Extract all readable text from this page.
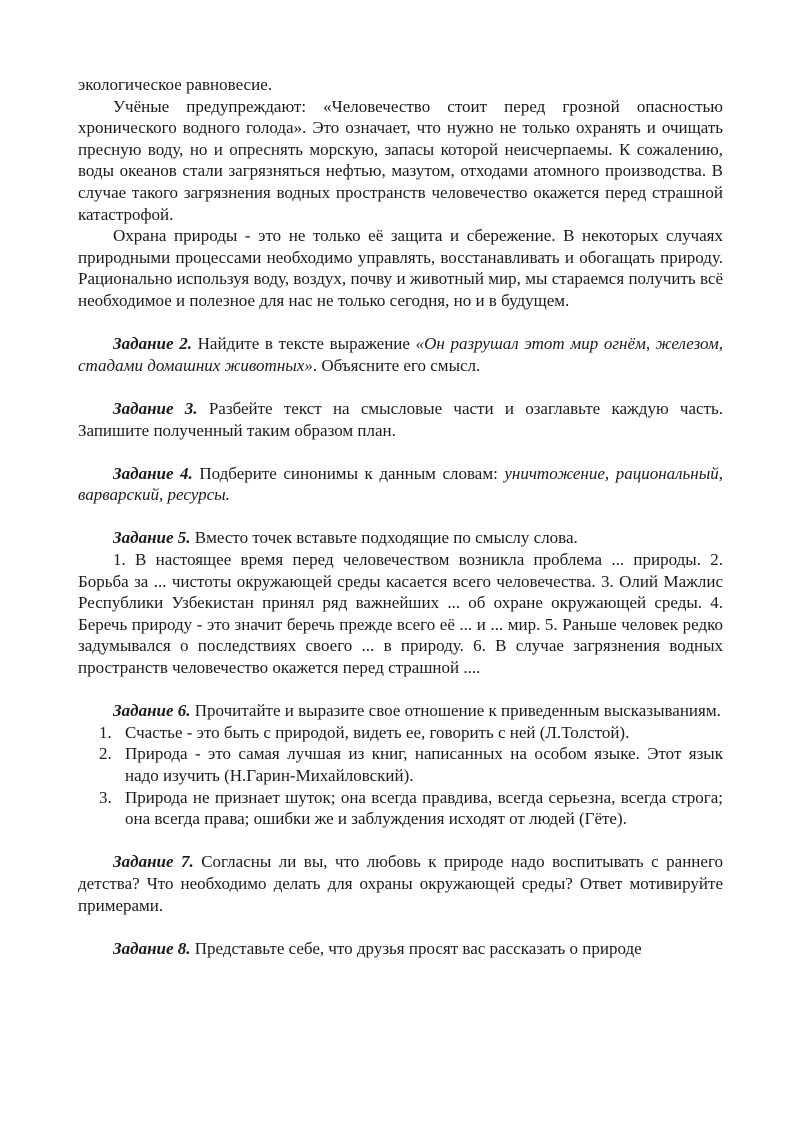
экологическое равновесие.

Учёные предупреждают: «Человечество стоит перед грозной опасностью хронического водного голода». Это означает, что нужно не только охранять и очищать пресную воду, но и опреснять морскую, запасы которой неисчерпаемы. К сожалению, воды океанов стали загрязняться нефтью, мазутом, отходами атомного производства. В случае такого загрязнения водных пространств человечество окажется перед страшной катастрофой.

Охрана природы - это не только её защита и сбережение. В некоторых случаях природными процессами необходимо управлять, восстанавливать и обогащать природу. Рационально используя воду, воздух, почву и животный мир, мы стараемся получить всё необходимое и полезное для нас не только сегодня, но и в будущем.

Задание 2. Найдите в тексте выражение «Он разрушал этот мир огнём, железом, стадами домашних животных». Объясните его смысл.

Задание 3. Разбейте текст на смысловые части и озаглавьте каждую часть. Запишите полученный таким образом план.

Задание 4. Подберите синонимы к данным словам: уничтожение, рациональный, варварский, ресурсы.

Задание 5. Вместо точек вставьте подходящие по смыслу слова.

1. В настоящее время перед человечеством возникла проблема ... природы. 2. Борьба за ... чистоты окружающей среды касается всего человечества. 3. Олий Мажлис Республики Узбекистан принял ряд важнейших ... об охране окружающей среды. 4. Беречь природу - это значит беречь прежде всего её ... и ... мир. 5. Раньше человек редко задумывался о последствиях своего ... в природу. 6. В случае загрязнения водных пространств человечество окажется перед страшной ....

Задание 6. Прочитайте и выразите свое отношение к приведенным высказываниям.

1. Счастье - это быть с природой, видеть ее, говорить с ней (Л.Толстой).
2. Природа - это самая лучшая из книг, написанных на особом языке. Этот язык надо изучить (Н.Гарин-Михайловский).
3. Природа не признает шуток; она всегда правдива, всегда серьезна, всегда строга; она всегда права; ошибки же и заблуждения исходят от людей (Гёте).

Задание 7. Согласны ли вы, что любовь к природе надо воспитывать с раннего детства? Что необходимо делать для охраны окружающей среды? Ответ мотивируйте примерами.

Задание 8. Представьте себе, что друзья просят вас рассказать о природе
